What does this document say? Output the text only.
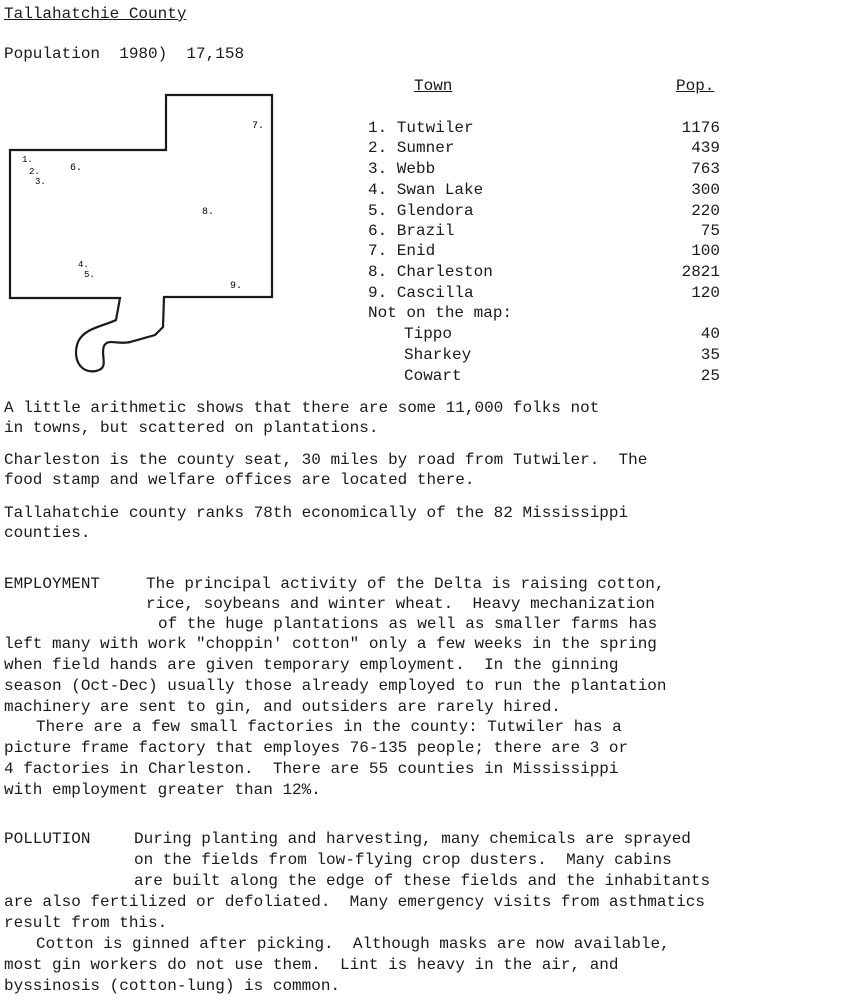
Tallahatchie County
Population  1980)  17,158
1.
2.
3.
6.
7.
8.
4.
5.
9.
Town	Pop.
1. Tutwiler	1176
2. Sumner	439
3. Webb	763
4. Swan Lake	300
5. Glendora	220
6. Brazil	75
7. Enid	100
8. Charleston	2821
9. Cascilla	120
Not on the map:
Tippo	40
Sharkey	35
Cowart	25
A little arithmetic shows that there are some 11,000 folks not
in towns, but scattered on plantations.
Charleston is the county seat, 30 miles by road from Tutwiler.  The
food stamp and welfare offices are located there.
Tallahatchie county ranks 78th economically of the 82 Mississippi
counties.
EMPLOYMENT	The principal activity of the Delta is raising cotton,
rice, soybeans and winter wheat.  Heavy mechanization
of the huge plantations as well as smaller farms has
left many with work "choppin' cotton" only a few weeks in the spring
when field hands are given temporary employment.  In the ginning
season (Oct-Dec) usually those already employed to run the plantation
machinery are sent to gin, and outsiders are rarely hired.
There are a few small factories in the county: Tutwiler has a
picture frame factory that employes 76-135 people; there are 3 or
4 factories in Charleston.  There are 55 counties in Mississippi
with employment greater than 12%.
POLLUTION	During planting and harvesting, many chemicals are sprayed
on the fields from low-flying crop dusters.  Many cabins
are built along the edge of these fields and the inhabitants
are also fertilized or defoliated.  Many emergency visits from asthmatics
result from this.
Cotton is ginned after picking.  Although masks are now available,
most gin workers do not use them.  Lint is heavy in the air, and
byssinosis (cotton-lung) is common.
